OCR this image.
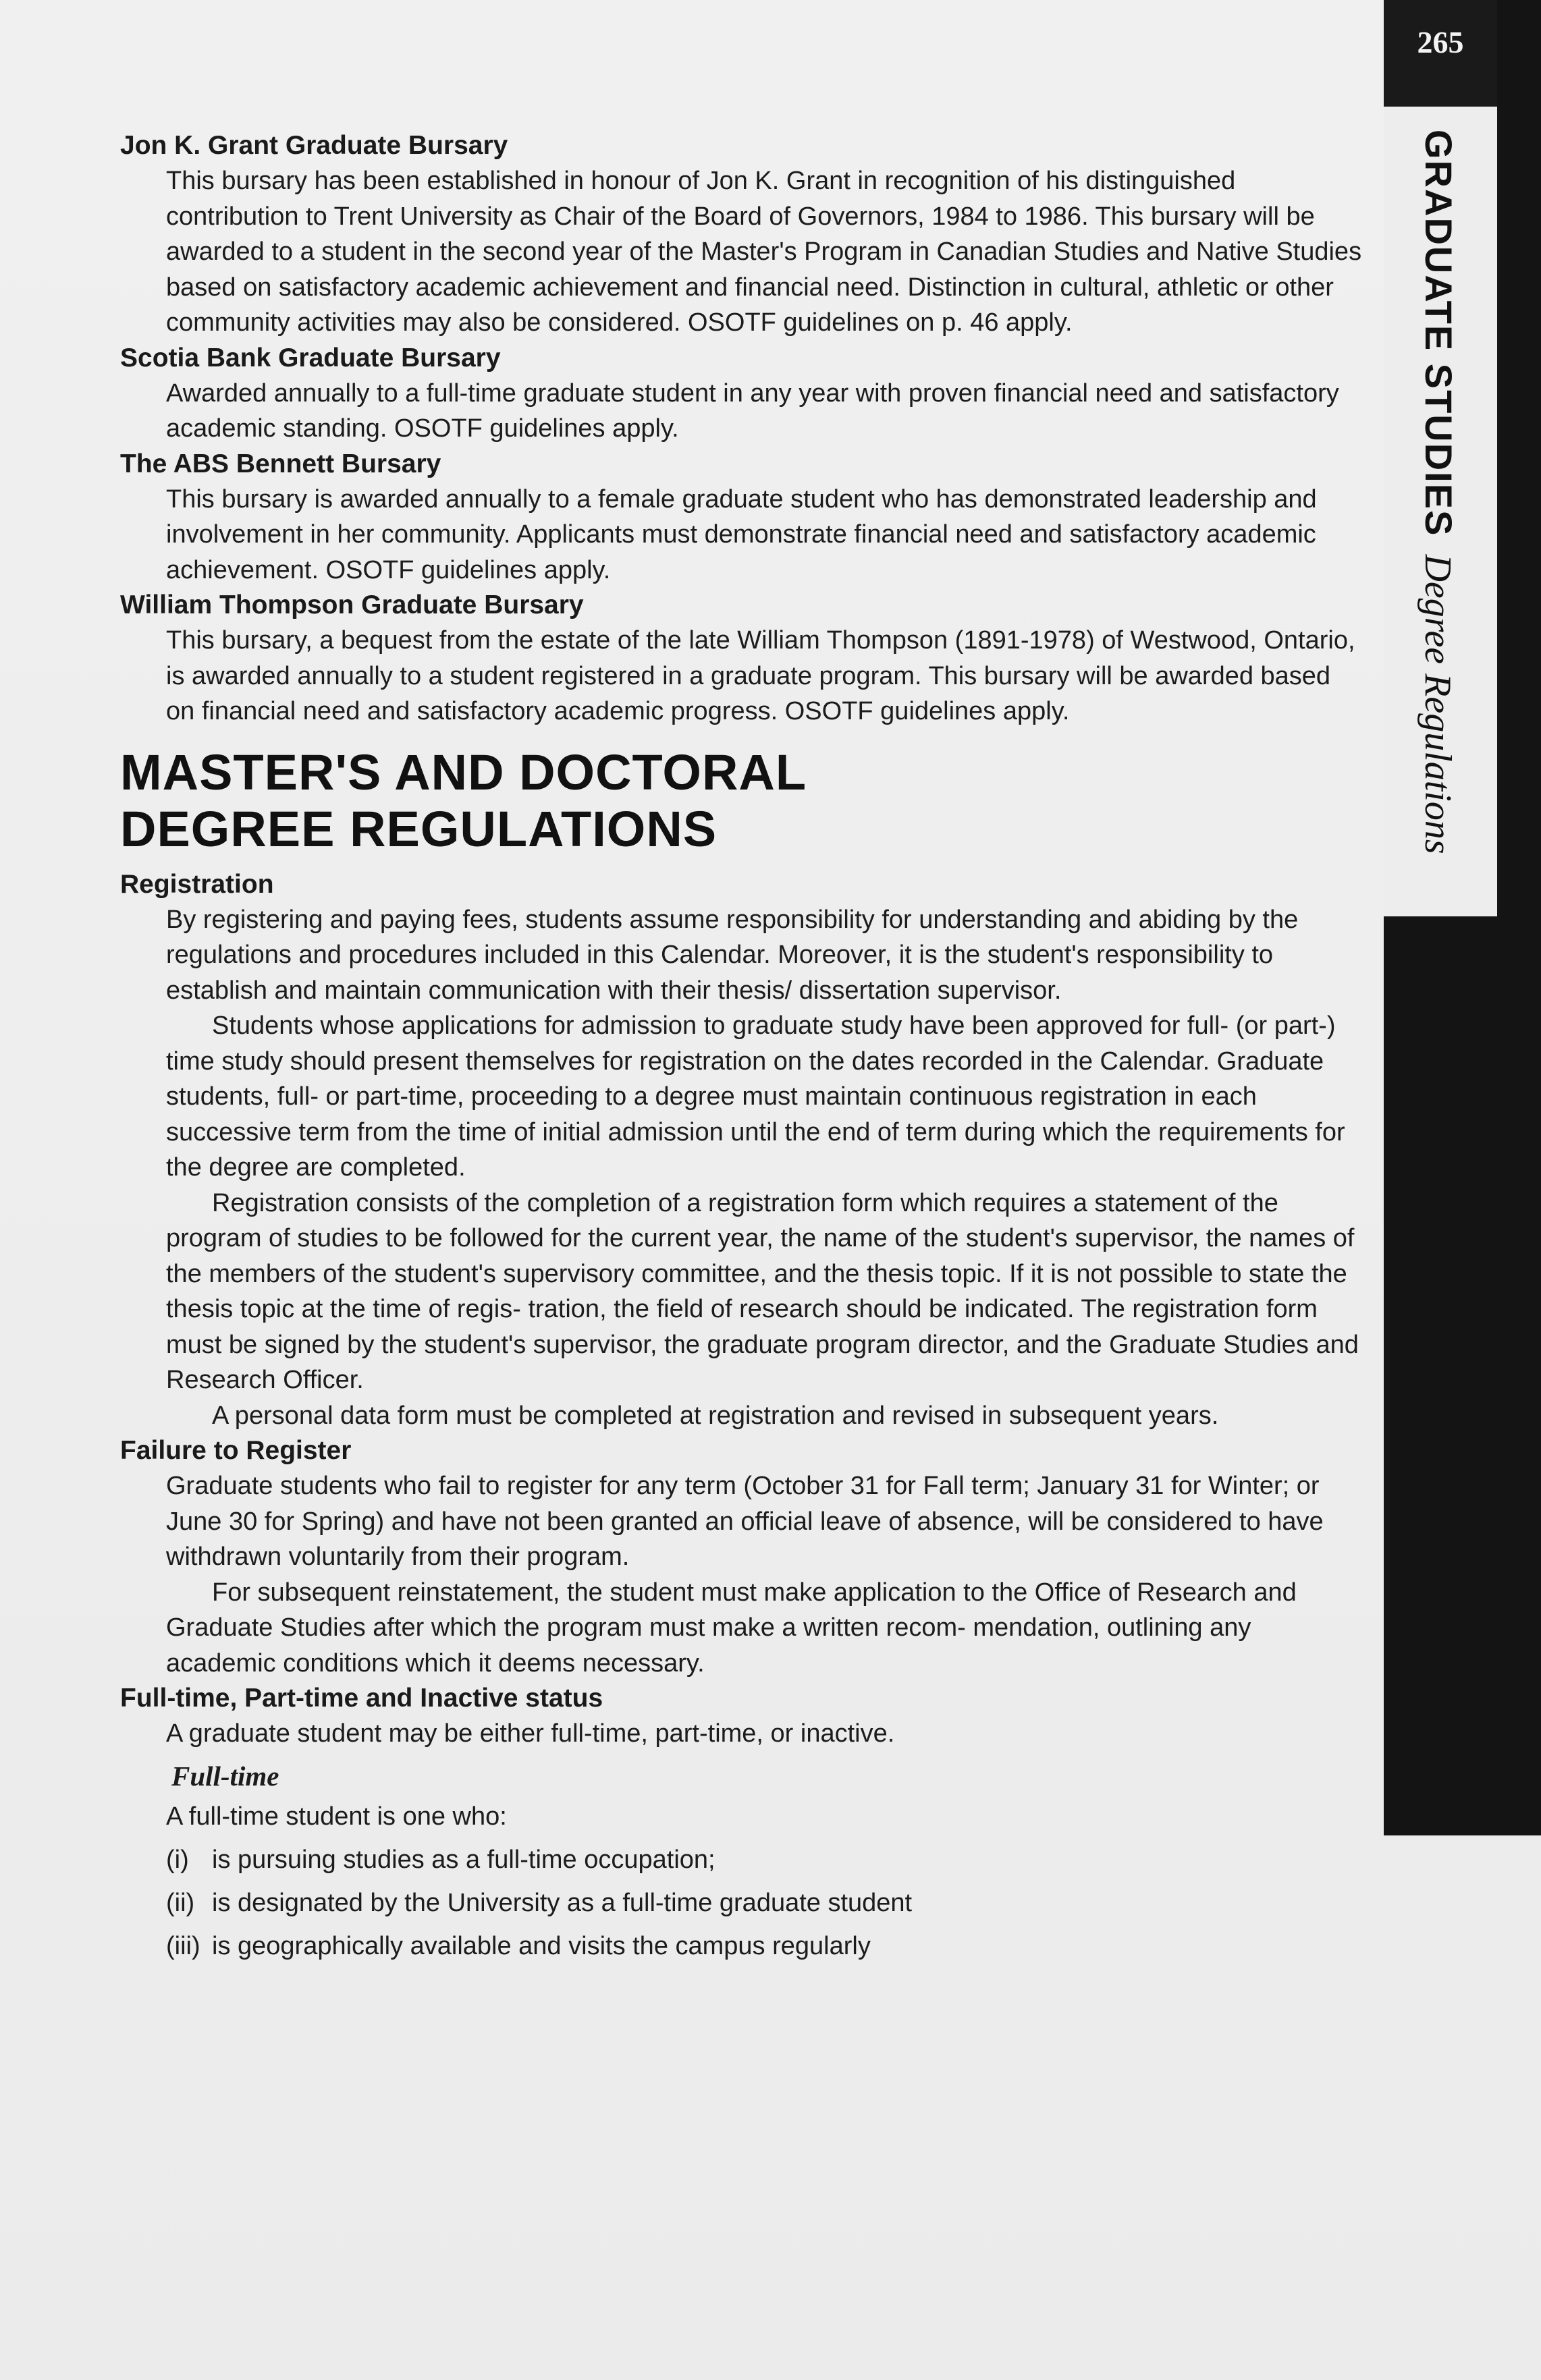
265
GRADUATE STUDIESDegree Regulations
Jon K. Grant Graduate Bursary

This bursary has been established in honour of Jon K. Grant in recognition of his distinguished contribution to Trent University as Chair of the Board of Governors, 1984 to 1986. This bursary will be awarded to a student in the second year of the Master's Program in Canadian Studies and Native Studies based on satisfactory academic achievement and financial need. Distinction in cultural, athletic or other community activities may also be considered. OSOTF guidelines on p. 46 apply.

Scotia Bank Graduate Bursary

Awarded annually to a full-time graduate student in any year with proven financial need and satisfactory academic standing. OSOTF guidelines apply.

The ABS Bennett Bursary

This bursary is awarded annually to a female graduate student who has demonstrated leadership and involvement in her community. Applicants must demonstrate financial need and satisfactory academic achievement. OSOTF guidelines apply.

William Thompson Graduate Bursary

This bursary, a bequest from the estate of the late William Thompson (1891-1978) of Westwood, Ontario, is awarded annually to a student registered in a graduate program. This bursary will be awarded based on financial need and satisfactory academic progress. OSOTF guidelines apply.

MASTER'S AND DOCTORAL
DEGREE REGULATIONS
Registration

By registering and paying fees, students assume responsibility for understanding and abiding by the regulations and procedures included in this Calendar. Moreover, it is the student's responsibility to establish and maintain communication with their thesis/ dissertation supervisor.

Students whose applications for admission to graduate study have been approved for full- (or part-) time study should present themselves for registration on the dates recorded in the Calendar. Graduate students, full- or part-time, proceeding to a degree must maintain continuous registration in each successive term from the time of initial admission until the end of term during which the requirements for the degree are completed.

Registration consists of the completion of a registration form which requires a statement of the program of studies to be followed for the current year, the name of the student's supervisor, the names of the members of the student's supervisory committee, and the thesis topic. If it is not possible to state the thesis topic at the time of regis- tration, the field of research should be indicated. The registration form must be signed by the student's supervisor, the graduate program director, and the Graduate Studies and Research Officer.

A personal data form must be completed at registration and revised in subsequent years.

Failure to Register

Graduate students who fail to register for any term (October 31 for Fall term; January 31 for Winter; or June 30 for Spring) and have not been granted an official leave of absence, will be considered to have withdrawn voluntarily from their program.

For subsequent reinstatement, the student must make application to the Office of Research and Graduate Studies after which the program must make a written recom- mendation, outlining any academic conditions which it deems necessary.

Full-time, Part-time and Inactive status

A graduate student may be either full-time, part-time, or inactive.

Full-time

A full-time student is one who:

(i) is pursuing studies as a full-time occupation;
(ii) is designated by the University as a full-time graduate student
(iii) is geographically available and visits the campus regularly
